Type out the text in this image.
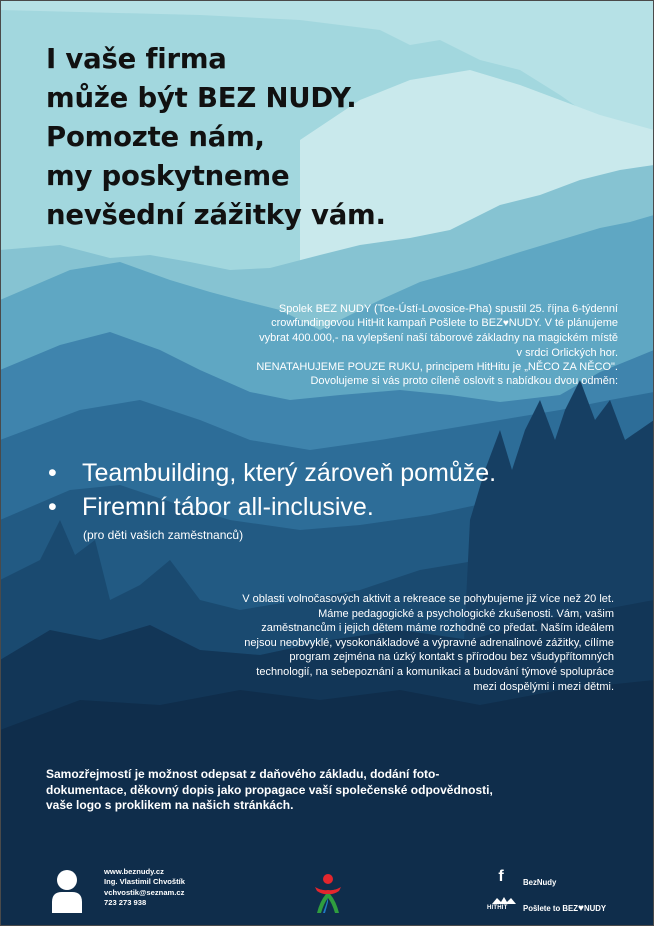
I vaše firma
může být BEZ NUDY.
Pomozte nám,
my poskytneme
nevšední zážitky vám.

Spolek BEZ NUDY (Tce-Ústí-Lovosice-Pha) spustil 25. října 6-týdenní

crowfundingovou HitHit kampaň Pošlete to BEZ♥NUDY. V té plánujeme

vybrat 400.000,- na vylepšení naší táborové základny na magickém místě

v srdci Orlických hor.

NENATAHUJEME POUZE RUKU, principem HitHitu je „NĚCO ZA NĚCO".

Dovolujeme si vás proto cíleně oslovit s nabídkou dvou odměn:

• Teambuilding, který zároveň pomůže.
• Firemní tábor all-inclusive.
(pro děti vašich zaměstnanců)

V oblasti volnočasových aktivit a rekreace se pohybujeme již více než 20 let. Máme pedagogické a psychologické zkušenosti. Vám, vašim zaměstnancům i jejich dětem máme rozhodně co předat. Naším ideálem nejsou neobvyklé, vysokonákladové a výpravné adrenalinové zážitky, cílíme program zejména na úzký kontakt s přírodou bez všudypřítomných technologií, na sebepoznání a komunikaci a budování týmové spolupráce mezi dospělými i mezi dětmi.

Samozřejmostí je možnost odepsat z daňového základu, dodání foto-dokumentace, děkovný dopis jako propagace vaší společenské odpovědnosti, vaše logo s proklikem na našich stránkách.

www.beznudy.cz
Ing. Vlastimil Chvoštík
vchvostik@seznam.cz
723 273 938
f	BezNudy
HITHIT Pošlete to BEZ♥NUDY
